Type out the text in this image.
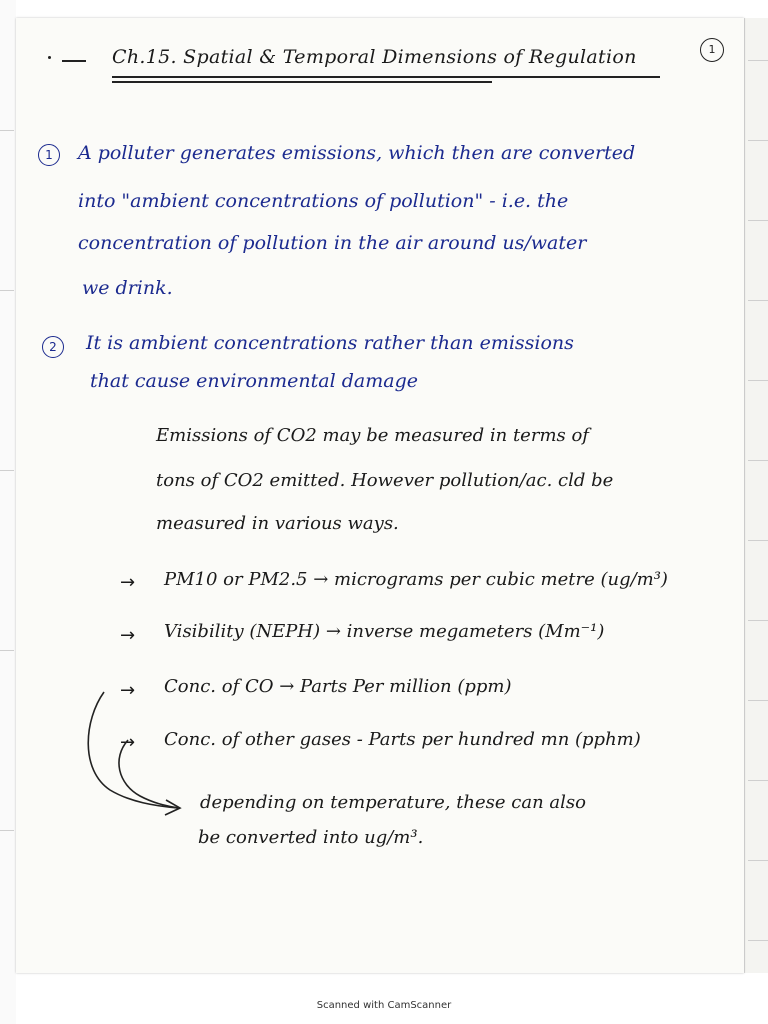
Ch.15. Spatial & Temporal Dimensions of Regulation	1
1	A polluter generates emissions, which then are converted
into "ambient concentrations of pollution" - i.e. the
concentration of pollution in the air around us/water
we drink.
2	It is ambient concentrations rather than emissions
that cause environmental damage
Emissions of CO2 may be measured in terms of
tons of CO2 emitted. However pollution/ac. cld be
measured in various ways.
→ PM10 or PM2.5 → micrograms per cubic metre (ug/m³)
→ Visibility (NEPH) → inverse megameters (Mm⁻¹)
→ Conc. of CO → Parts Per million (ppm)
→ Conc. of other gases - Parts per hundred mn (pphm)
depending on temperature, these can also
be converted into ug/m³.
Scanned with CamScanner
